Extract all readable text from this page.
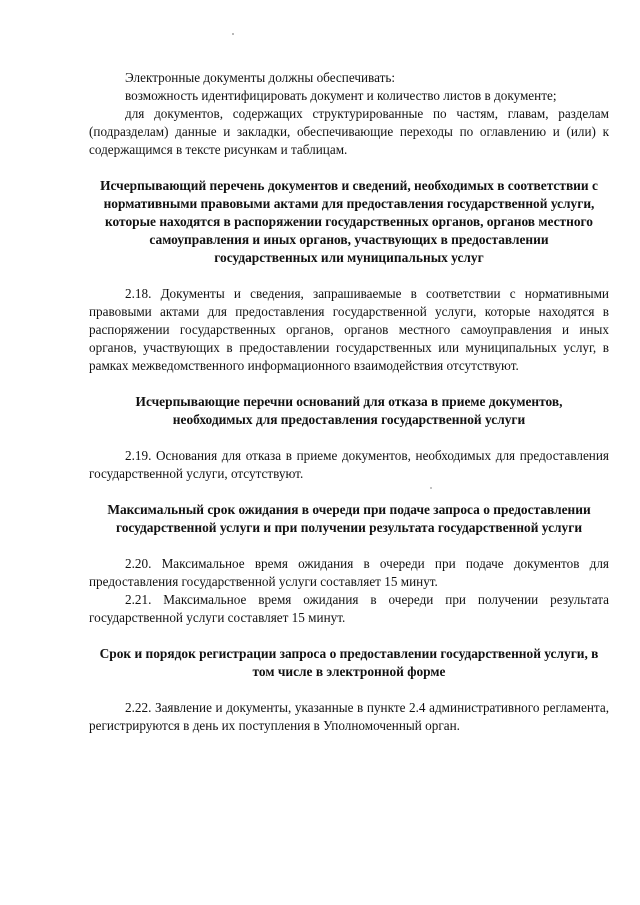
Электронные документы должны обеспечивать:

возможность идентифицировать документ и количество листов в документе;

для документов, содержащих структурированные по частям, главам, разделам (подразделам) данные и закладки, обеспечивающие переходы по оглавлению и (или) к содержащимся в тексте рисункам и таблицам.

Исчерпывающий перечень документов и сведений, необходимых в соответствии с нормативными правовыми актами для предоставления государственной услуги, которые находятся в распоряжении государственных органов, органов местного самоуправления и иных органов, участвующих в предоставлении государственных или муниципальных услуг

2.18. Документы и сведения, запрашиваемые в соответствии с нормативными правовыми актами для предоставления государственной услуги, которые находятся в распоряжении государственных органов, органов местного самоуправления и иных органов, участвующих в предоставлении государственных или муниципальных услуг, в рамках межведомственного информационного взаимодействия отсутствуют.

Исчерпывающие перечни оснований для отказа в приеме документов, необходимых для предоставления государственной услуги

2.19. Основания для отказа в приеме документов, необходимых для предоставления государственной услуги, отсутствуют.

Максимальный срок ожидания в очереди при подаче запроса о предоставлении государственной услуги и при получении результата государственной услуги

2.20. Максимальное время ожидания в очереди при подаче документов для предоставления государственной услуги составляет 15 минут.

2.21. Максимальное время ожидания в очереди при получении результата государственной услуги составляет 15 минут.

Срок и порядок регистрации запроса о предоставлении государственной услуги, в том числе в электронной форме

2.22. Заявление и документы, указанные в пункте 2.4 административного регламента, регистрируются в день их поступления в Уполномоченный орган.
